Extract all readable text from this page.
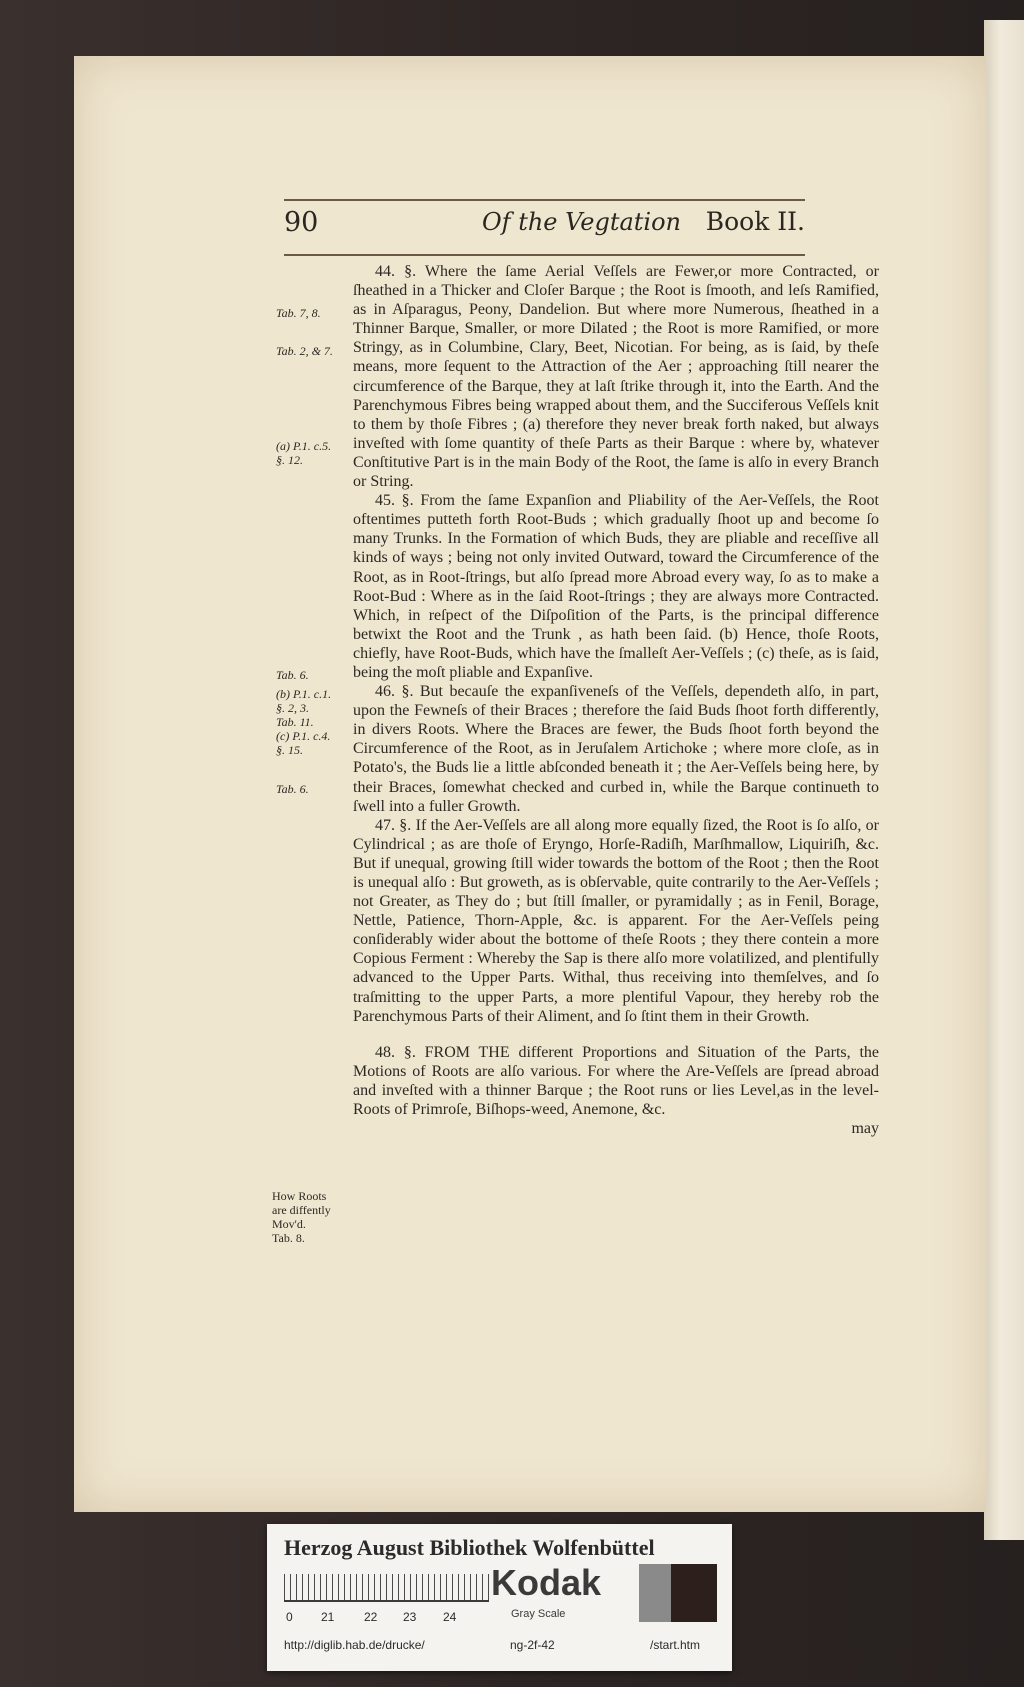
90	Of the Vegtation Book II.

44. §. Where the ſame Aerial Veſſels are Fewer,or more Contracted, or ſheathed in a Thicker and Cloſer Barque ; the Root is ſmooth, and leſs Ramified, as in Aſparagus, Peony, Dandelion. But where more Numerous, ſheathed in a Thinner Barque, Smaller, or more Dilated ; the Root is more Ramified, or more Stringy, as in Columbine, Clary, Beet, Nicotian. For being, as is ſaid, by theſe means, more ſequent to the Attraction of the Aer ; approaching ſtill nearer the circumference of the Barque, they at laſt ſtrike through it, into the Earth. And the Parenchymous Fibres being wrapped about them, and the Succiferous Veſſels knit to them by thoſe Fibres ; (a) therefore they never break forth naked, but always inveſted with ſome quantity of theſe Parts as their Barque : where by, whatever Conſtitutive Part is in the main Body of the Root, the ſame is alſo in every Branch or String.

45. §. From the ſame Expanſion and Pliability of the Aer-Veſſels, the Root oftentimes putteth forth Root-Buds ; which gradually ſhoot up and become ſo many Trunks. In the Formation of which Buds, they are pliable and receſſive all kinds of ways ; being not only invited Outward, toward the Circumference of the Root, as in Root-ſtrings, but alſo ſpread more Abroad every way, ſo as to make a Root-Bud : Where as in the ſaid Root-ſtrings ; they are always more Contracted. Which, in reſpect of the Diſpoſition of the Parts, is the principal difference betwixt the Root and the Trunk , as hath been ſaid. (b) Hence, thoſe Roots, chiefly, have Root-Buds, which have the ſmalleſt Aer-Veſſels ; (c) theſe, as is ſaid, being the moſt pliable and Expanſive.

46. §. But becauſe the expanſiveneſs of the Veſſels, dependeth alſo, in part, upon the Fewneſs of their Braces ; therefore the ſaid Buds ſhoot forth differently, in divers Roots. Where the Braces are fewer, the Buds ſhoot forth beyond the Circumference of the Root, as in Jeruſalem Artichoke ; where more cloſe, as in Potato's, the Buds lie a little abſconded beneath it ; the Aer-Veſſels being here, by their Braces, ſomewhat checked and curbed in, while the Barque continueth to ſwell into a fuller Growth.

47. §. If the Aer-Veſſels are all along more equally ſized, the Root is ſo alſo, or Cylindrical ; as are thoſe of Eryngo, Horſe-Radiſh, Marſhmallow, Liquiriſh, &c. But if unequal, growing ſtill wider towards the bottom of the Root ; then the Root is unequal alſo : But groweth, as is obſervable, quite contrarily to the Aer-Veſſels ; not Greater, as They do ; but ſtill ſmaller, or pyramidally ; as in Fenil, Borage, Nettle, Patience, Thorn-Apple, &c. is apparent. For the Aer-Veſſels peing conſiderably wider about the bottome of theſe Roots ; they there contein a more Copious Ferment : Whereby the Sap is there alſo more volatilized, and plentifully advanced to the Upper Parts. Withal, thus receiving into themſelves, and ſo traſmitting to the upper Parts, a more plentiful Vapour, they hereby rob the Parenchymous Parts of their Aliment, and ſo ſtint them in their Growth.

48. §. FROM THE different Proportions and Situation of the Parts, the Motions of Roots are alſo various. For where the Are-Veſſels are ſpread abroad and inveſted with a thinner Barque ; the Root runs or lies Level,as in the level-Roots of Primroſe, Biſhops-weed, Anemone, &c.

may

Tab. 7, 8.
Tab. 2, & 7.
(a) P.1. c.5.
§. 12.
Tab. 6.
(b) P.1. c.1.
§. 2, 3.
Tab. 11.
(c) P.1. c.4.
§. 15.
Tab. 6.
How Roots
are diffently
Mov'd.
Tab. 8.
Herzog August Bibliothek Wolfenbüttel
0 21 22 23 24
Kodak
Gray Scale
http://diglib.hab.de/drucke/	ng-2f-42	/start.htm
